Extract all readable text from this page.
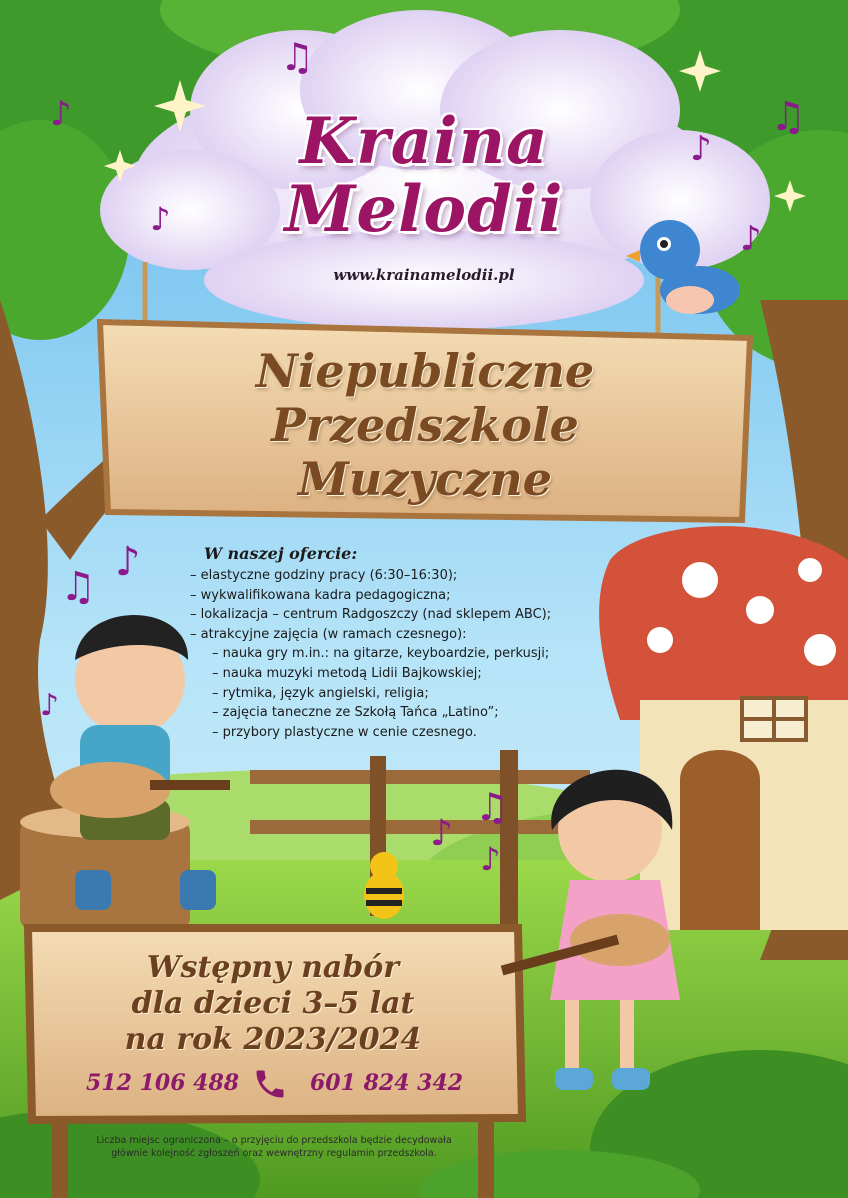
♫
♪
♪
♪
♫
♪
♫
♪
♪
♪
♫
♪
Kraina
Melodii
www.krainamelodii.pl
Niepubliczne
Przedszkole
Muzyczne
W naszej ofercie:
– elastyczne godziny pracy (6:30–16:30);
– wykwalifikowana kadra pedagogiczna;
– lokalizacja – centrum Radgoszczy (nad sklepem ABC);
– atrakcyjne zajęcia (w ramach czesnego):
– nauka gry m.in.: na gitarze, keyboardzie, perkusji;
– nauka muzyki metodą Lidii Bajkowskiej;
– rytmika, język angielski, religia;
– zajęcia taneczne ze Szkołą Tańca „Latino”;
– przybory plastyczne w cenie czesnego.
Wstępny nabór
dla dzieci 3–5 lat
na rok 2023/2024
512 106 488	601 824 342
Liczba miejsc ograniczona – o przyjęciu do przedszkola będzie decydowała
głównie kolejność zgłoszeń oraz wewnętrzny regulamin przedszkola.
